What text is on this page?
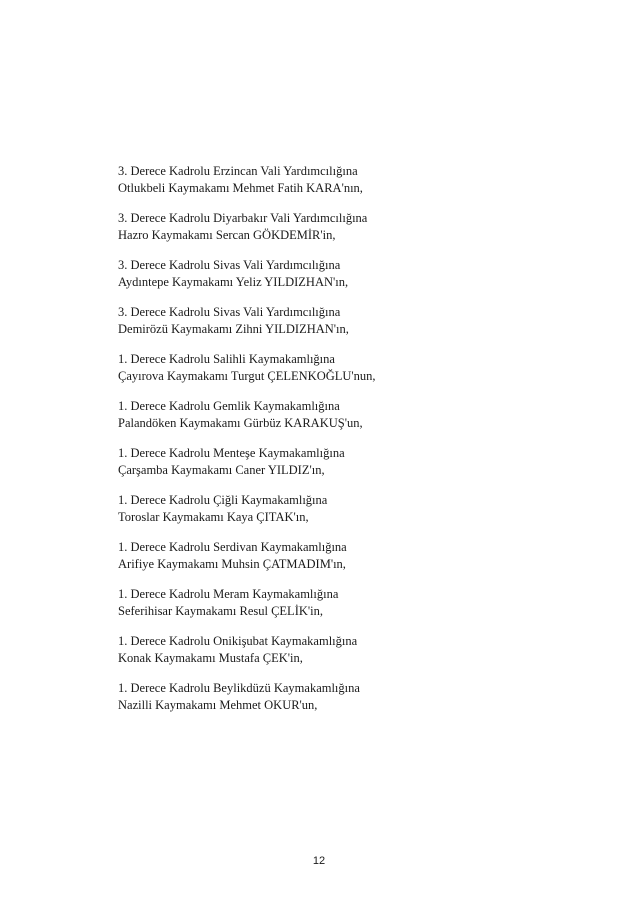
3. Derece Kadrolu Erzincan Vali Yardımcılığına
Otlukbeli Kaymakamı Mehmet Fatih KARA'nın,
3. Derece Kadrolu Diyarbakır Vali Yardımcılığına
Hazro Kaymakamı Sercan GÖKDEMİR'in,
3. Derece Kadrolu Sivas Vali Yardımcılığına
Aydıntepe Kaymakamı Yeliz YILDIZHAN'ın,
3. Derece Kadrolu Sivas Vali Yardımcılığına
Demirözü Kaymakamı Zihni YILDIZHAN'ın,
1. Derece Kadrolu Salihli Kaymakamlığına
Çayırova Kaymakamı Turgut ÇELENKOĞLU'nun,
1. Derece Kadrolu Gemlik Kaymakamlığına
Palandöken Kaymakamı Gürbüz KARAKUŞ'un,
1. Derece Kadrolu Menteşe Kaymakamlığına
Çarşamba Kaymakamı Caner YILDIZ'ın,
1. Derece Kadrolu Çiğli Kaymakamlığına
Toroslar Kaymakamı Kaya ÇITAK'ın,
1. Derece Kadrolu Serdivan Kaymakamlığına
Arifiye Kaymakamı Muhsin ÇATMADIM'ın,
1. Derece Kadrolu Meram Kaymakamlığına
Seferihisar Kaymakamı Resul ÇELİK'in,
1. Derece Kadrolu Onikişubat Kaymakamlığına
Konak Kaymakamı Mustafa ÇEK'in,
1. Derece Kadrolu Beylikdüzü Kaymakamlığına
Nazilli Kaymakamı Mehmet OKUR'un,
12
